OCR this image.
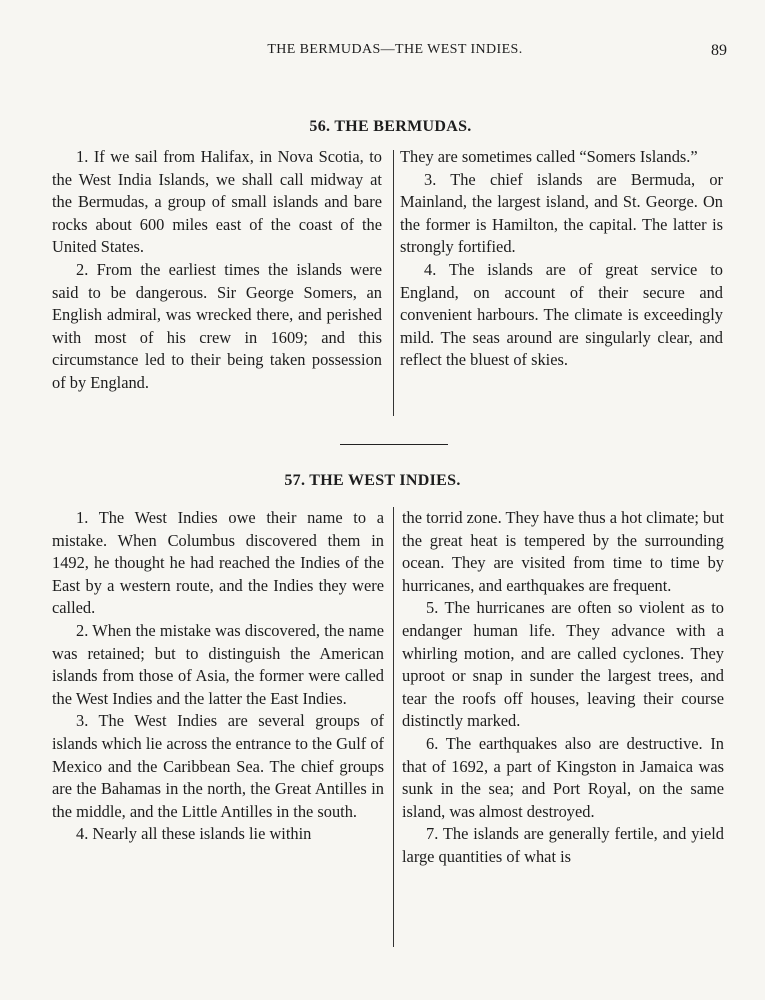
THE BERMUDAS—THE WEST INDIES.	89
56. THE BERMUDAS.

1. If we sail from Halifax, in Nova Scotia, to the West India Islands, we shall call midway at the Bermudas, a group of small islands and bare rocks about 600 miles east of the coast of the United States.

2. From the earliest times the islands were said to be dangerous. Sir George Somers, an English admiral, was wrecked there, and perished with most of his crew in 1609; and this circumstance led to their being taken possession of by England.

They are sometimes called “Somers Islands.”

3. The chief islands are Bermuda, or Mainland, the largest island, and St. George. On the former is Hamilton, the capital. The latter is strongly fortified.

4. The islands are of great service to England, on account of their secure and convenient harbours. The climate is exceedingly mild. The seas around are singularly clear, and reflect the bluest of skies.

57. THE WEST INDIES.

1. The West Indies owe their name to a mistake. When Columbus discovered them in 1492, he thought he had reached the Indies of the East by a western route, and the Indies they were called.

2. When the mistake was discovered, the name was retained; but to distinguish the American islands from those of Asia, the former were called the West Indies and the latter the East Indies.

3. The West Indies are several groups of islands which lie across the entrance to the Gulf of Mexico and the Caribbean Sea. The chief groups are the Bahamas in the north, the Great Antilles in the middle, and the Little Antilles in the south.

4. Nearly all these islands lie within

the torrid zone. They have thus a hot climate; but the great heat is tempered by the surrounding ocean. They are visited from time to time by hurricanes, and earthquakes are frequent.

5. The hurricanes are often so violent as to endanger human life. They advance with a whirling motion, and are called cyclones. They uproot or snap in sunder the largest trees, and tear the roofs off houses, leaving their course distinctly marked.

6. The earthquakes also are destructive. In that of 1692, a part of Kingston in Jamaica was sunk in the sea; and Port Royal, on the same island, was almost destroyed.

7. The islands are generally fertile, and yield large quantities of what is
